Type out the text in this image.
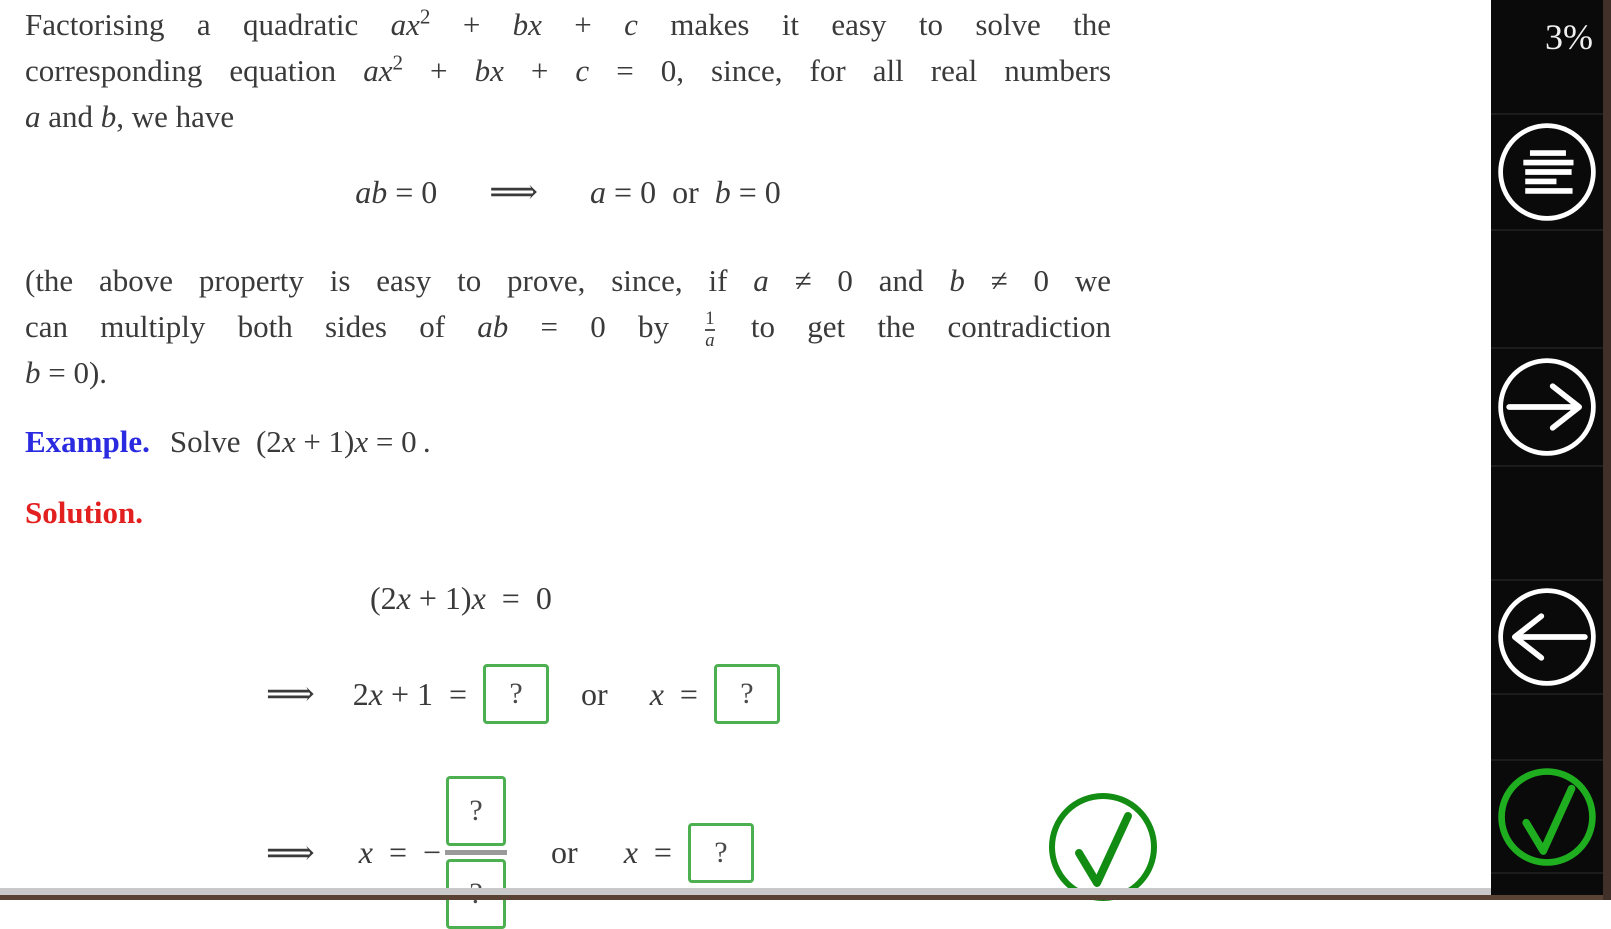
Factorising a quadratic $ax^2$ + bx + c makes it easy to solve the
corresponding equation $ax^2$ + bx + c = 0, since, for all real numbers
a and b, we have
ab = 0 ⟹ a = 0  or  b = 0
(the above property is easy to prove, since, if a ≠ 0 and b ≠ 0 we
can multiply both sides of ab = 0 by $\frac{1}{a}$ to get the contradiction
b = 0).
Example. Solve  (2x + 1)x = 0 .
Solution.
(2x + 1)x  =  0
⟹ 2x + 1  =	?	or x  =	?
⟹ x  =  −
?
or x  =	?
3%
